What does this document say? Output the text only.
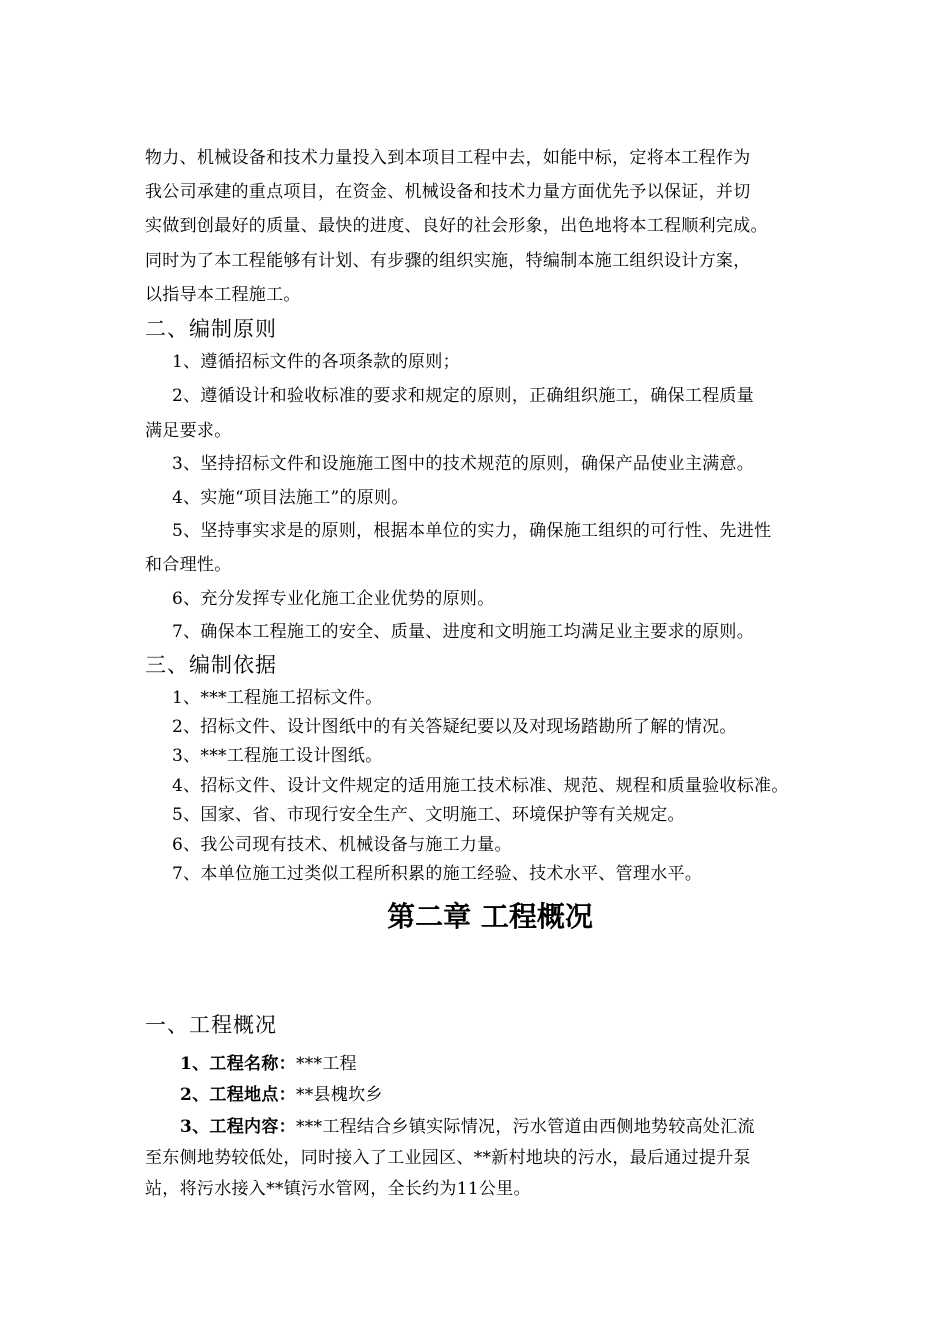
物力、机械设备和技术力量投入到本项目工程中去，如能中标，定将本工程作为
我公司承建的重点项目，在资金、机械设备和技术力量方面优先予以保证，并切
实做到创最好的质量、最快的进度、良好的社会形象，出色地将本工程顺利完成。
同时为了本工程能够有计划、有步骤的组织实施，特编制本施工组织设计方案，
以指导本工程施工。
二、编制原则
1、遵循招标文件的各项条款的原则；
2、遵循设计和验收标准的要求和规定的原则，正确组织施工，确保工程质量
满足要求。
3、坚持招标文件和设施施工图中的技术规范的原则，确保产品使业主满意。
4、实施“项目法施工”的原则。
5、坚持事实求是的原则，根据本单位的实力，确保施工组织的可行性、先进性
和合理性。
6、充分发挥专业化施工企业优势的原则。
7、确保本工程施工的安全、质量、进度和文明施工均满足业主要求的原则。
三、编制依据
1、***工程施工招标文件。
2、招标文件、设计图纸中的有关答疑纪要以及对现场踏勘所了解的情况。
3、***工程施工设计图纸。
4、招标文件、设计文件规定的适用施工技术标准、规范、规程和质量验收标准。
5、国家、省、市现行安全生产、文明施工、环境保护等有关规定。
6、我公司现有技术、机械设备与施工力量。
7、本单位施工过类似工程所积累的施工经验、技术水平、管理水平。
第二章 工程概况
一、工程概况
1、工程名称：***工程
2、工程地点：**县槐坎乡
3、工程内容：***工程结合乡镇实际情况，污水管道由西侧地势较高处汇流
至东侧地势较低处，同时接入了工业园区、**新村地块的污水，最后通过提升泵
站，将污水接入**镇污水管网，全长约为11公里。
